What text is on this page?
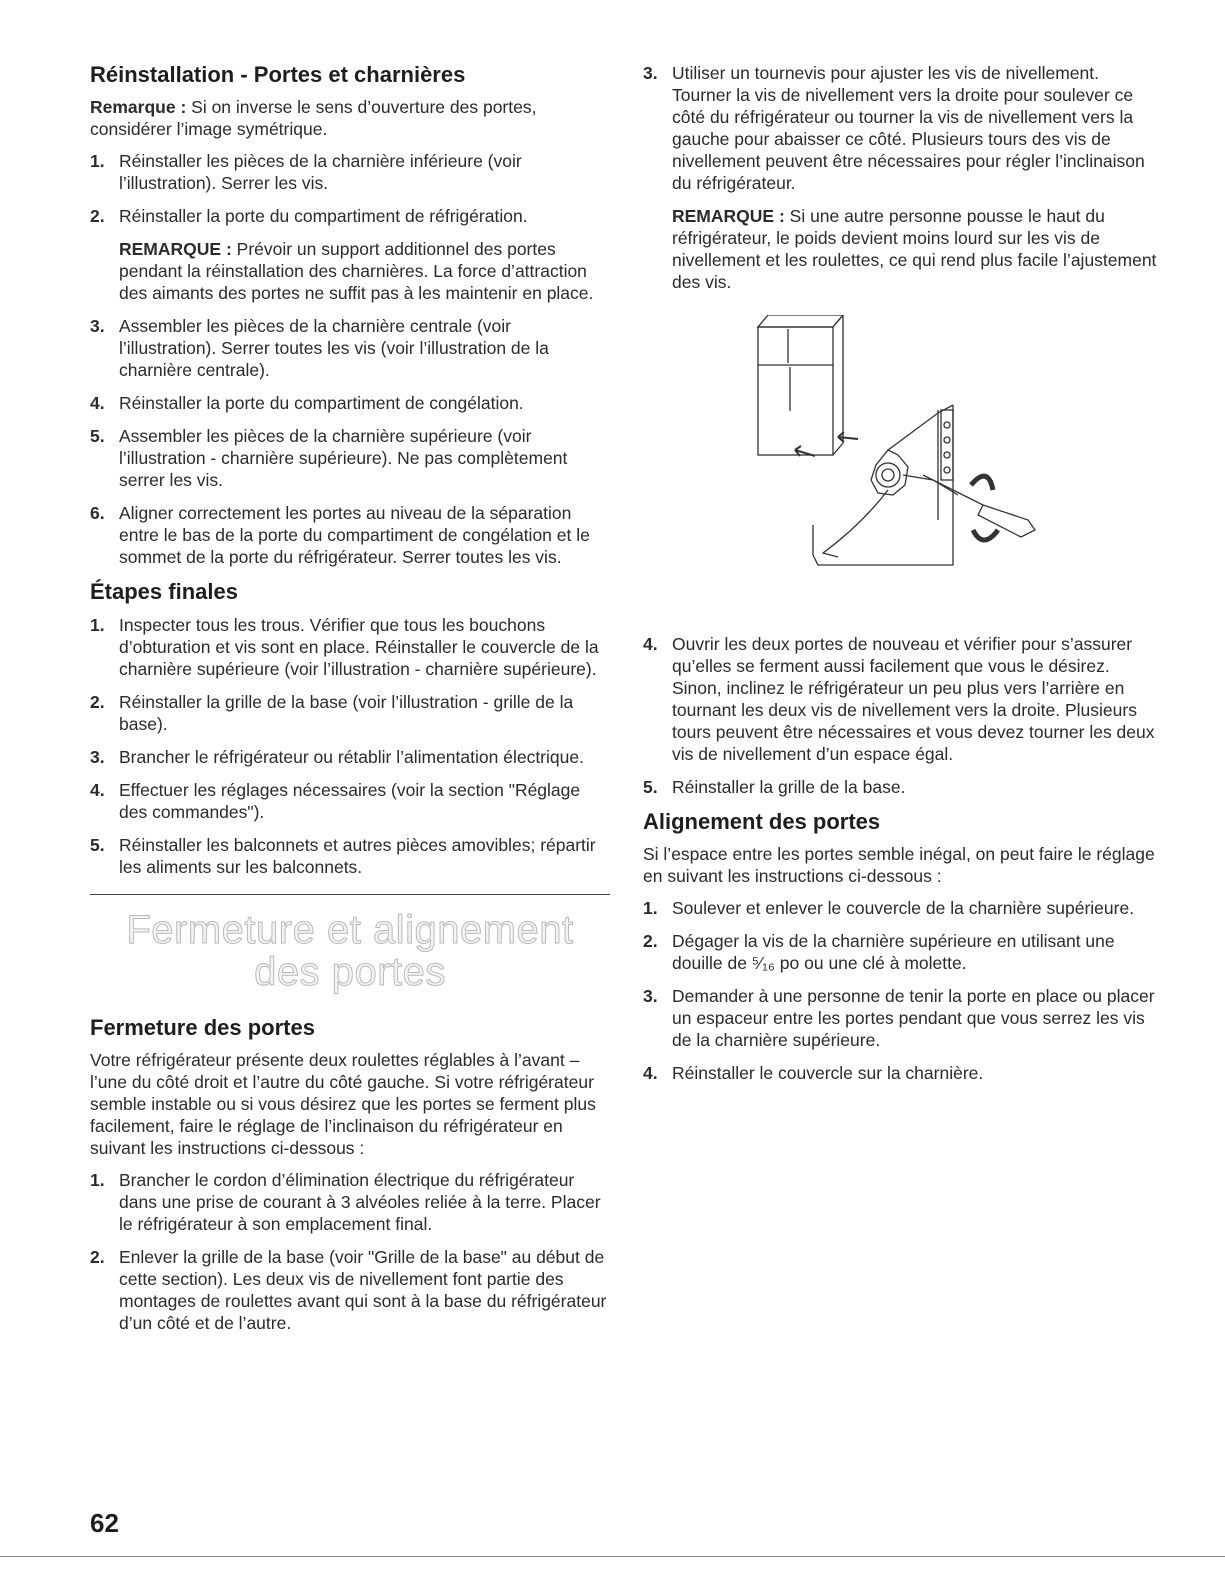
Réinstallation - Portes et charnières

Remarque : Si on inverse le sens d’ouverture des portes, considérer l’image symétrique.

1. Réinstaller les pièces de la charnière inférieure (voir l’illustration). Serrer les vis.
2. Réinstaller la porte du compartiment de réfrigération.

REMARQUE : Prévoir un support additionnel des portes pendant la réinstallation des charnières. La force d’attraction des aimants des portes ne suffit pas à les maintenir en place.

3. Assembler les pièces de la charnière centrale (voir l’illustration). Serrer toutes les vis (voir l’illustration de la charnière centrale).
4. Réinstaller la porte du compartiment de congélation.
5. Assembler les pièces de la charnière supérieure (voir l’illustration - charnière supérieure). Ne pas complètement serrer les vis.
6. Aligner correctement les portes au niveau de la séparation entre le bas de la porte du compartiment de congélation et le sommet de la porte du réfrigérateur. Serrer toutes les vis.
Étapes finales
1. Inspecter tous les trous. Vérifier que tous les bouchons d’obturation et vis sont en place. Réinstaller le couvercle de la charnière supérieure (voir l’illustration - charnière supérieure).
2. Réinstaller la grille de la base (voir l’illustration - grille de la base).
3. Brancher le réfrigérateur ou rétablir l’alimentation électrique.
4. Effectuer les réglages nécessaires (voir la section "Réglage des commandes").
5. Réinstaller les balconnets et autres pièces amovibles; répartir les aliments sur les balconnets.
Fermeture et alignement
des portes
Fermeture des portes

Votre réfrigérateur présente deux roulettes réglables à l’avant – l’une du côté droit et l’autre du côté gauche. Si votre réfrigérateur semble instable ou si vous désirez que les portes se ferment plus facilement, faire le réglage de l’inclinaison du réfrigérateur en suivant les instructions ci-dessous :

1. Brancher le cordon d’élimination électrique du réfrigérateur dans une prise de courant à 3 alvéoles reliée à la terre. Placer le réfrigérateur à son emplacement final.
2. Enlever la grille de la base (voir "Grille de la base" au début de cette section). Les deux vis de nivellement font partie des montages de roulettes avant qui sont à la base du réfrigérateur d’un côté et de l’autre.
3. Utiliser un tournevis pour ajuster les vis de nivellement. Tourner la vis de nivellement vers la droite pour soulever ce côté du réfrigérateur ou tourner la vis de nivellement vers la gauche pour abaisser ce côté. Plusieurs tours des vis de nivellement peuvent être nécessaires pour régler l’inclinaison du réfrigérateur.

REMARQUE : Si une autre personne pousse le haut du réfrigérateur, le poids devient moins lourd sur les vis de nivellement et les roulettes, ce qui rend plus facile l’ajustement des vis.

4. Ouvrir les deux portes de nouveau et vérifier pour s’assurer qu’elles se ferment aussi facilement que vous le désirez. Sinon, inclinez le réfrigérateur un peu plus vers l’arrière en tournant les deux vis de nivellement vers la droite. Plusieurs tours peuvent être nécessaires et vous devez tourner les deux vis de nivellement d’un espace égal.
5. Réinstaller la grille de la base.
Alignement des portes

Si l’espace entre les portes semble inégal, on peut faire le réglage en suivant les instructions ci-dessous :

1. Soulever et enlever le couvercle de la charnière supérieure.
2. Dégager la vis de la charnière supérieure en utilisant une douille de ⁵⁄₁₆ po ou une clé à molette.
3. Demander à une personne de tenir la porte en place ou placer un espaceur entre les portes pendant que vous serrez les vis de la charnière supérieure.
4. Réinstaller le couvercle sur la charnière.
62
